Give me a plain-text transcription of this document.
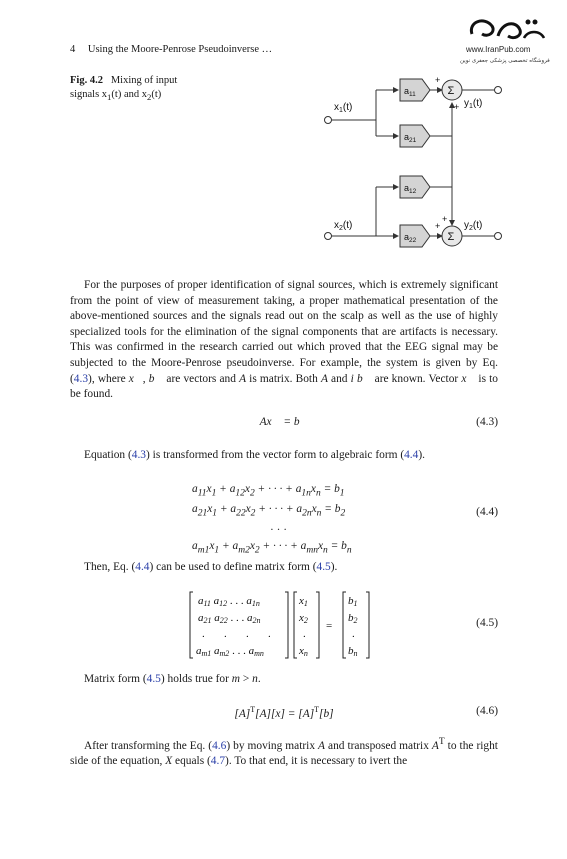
4 Using the Moore-Penrose Pseudoinverse …	www.IranPub.com
فروشگاه تخصصی پزشکی جعفری نوین
Fig. 4.2   Mixing of input signals $x_1(t)$ and $x_2(t)$
$x_1(t)$
$x_2(t)$
$y_1(t)$
$y_2(t)$
$a_{11}$
$a_{21}$
$a_{12}$
$a_{22}$
Σ
Σ
+
+
+
+

For the purposes of proper identification of signal sources, which is extremely significant from the point of view of measurement taking, a proper mathematical presentation of the above-mentioned sources and the signals read out on the scalp as well as the use of highly specialized tools for the elimination of the signal components that are artifacts is necessary. This was confirmed in the research carried out which proved that the EEG signal may be subjected to the Moore-Penrose pseudoinverse. For example, the system is given by Eq. (4.3), where x⃗, b⃗ are vectors and A is matrix. Both A and i b⃗ are known. Vector x⃗ is to be found.

Ax⃗ = b⃗	(4.3)

Equation (4.3) is transformed from the vector form to algebraic form (4.4).

$a_{11}x_1 + a_{12}x_2$ + · · · + $a_{1n}x_n = b_1$
$a_{21}x_1 + a_{22}x_2$ + · · · + $a_{2n}x_n = b_2$
· · ·
$a_{m1}x_1 + a_{m2}x_2$ + · · · + $a_{mn}x_n = b_n$
(4.4)

Then, Eq. (4.4) can be used to define matrix form (4.5).

a11 a12 . . . a1n
a21 a22 . . . a2n
.       .       .       .
am1 am2 . . . amn
x1
x2
.
xn
=
b1
b2
.
bn
(4.5)

Matrix form (4.5) holds true for m > n.

$[A]^T[A][x] = [A]^T[b]$	(4.6)

After transforming the Eq. (4.6) by moving matrix A and transposed matrix $A^T$ to the right side of the equation, X equals (4.7). To that end, it is necessary to ivert the
